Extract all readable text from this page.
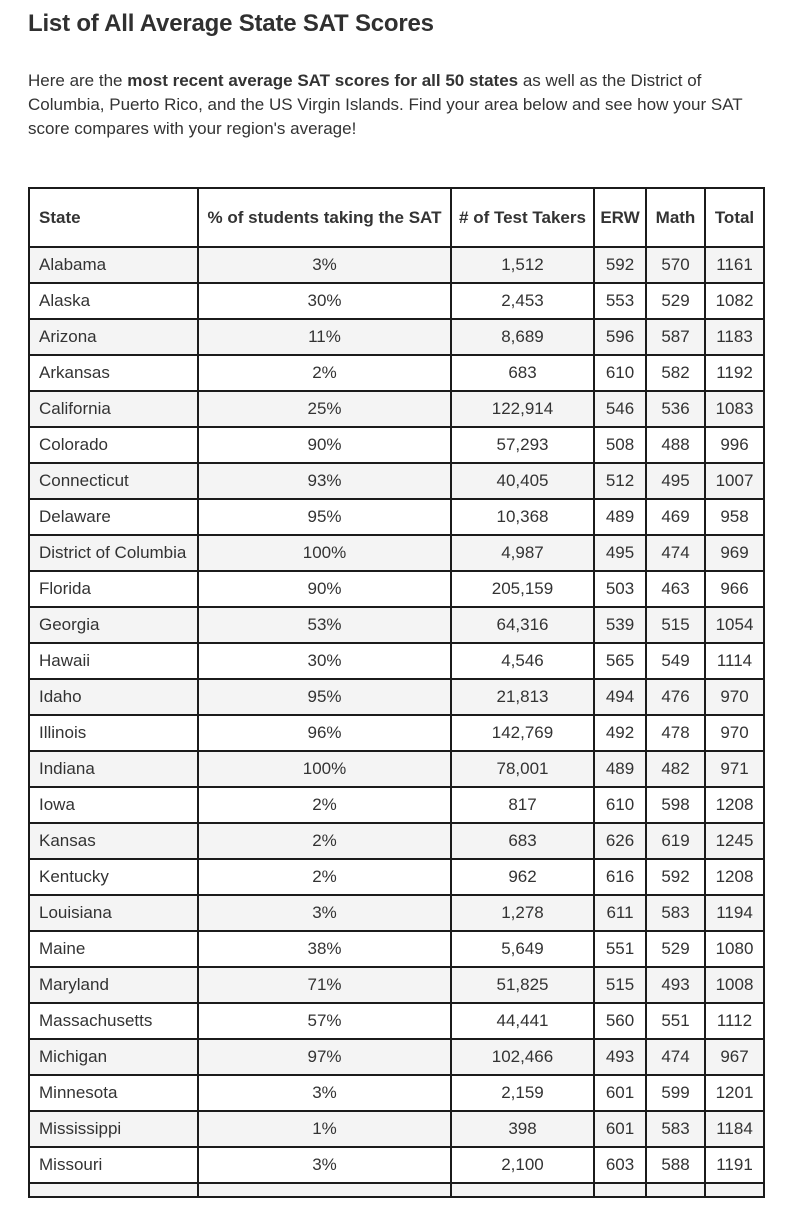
List of All Average State SAT Scores

Here are the most recent average SAT scores for all 50 states as well as the District of Columbia, Puerto Rico, and the US Virgin Islands. Find your area below and see how your SAT score compares with your region's average!

State	% of students taking the SAT	# of Test Takers	ERW	Math	Total
Alabama	3%	1,512	592	570	1161
Alaska	30%	2,453	553	529	1082
Arizona	11%	8,689	596	587	1183
Arkansas	2%	683	610	582	1192
California	25%	122,914	546	536	1083
Colorado	90%	57,293	508	488	996
Connecticut	93%	40,405	512	495	1007
Delaware	95%	10,368	489	469	958
District of Columbia	100%	4,987	495	474	969
Florida	90%	205,159	503	463	966
Georgia	53%	64,316	539	515	1054
Hawaii	30%	4,546	565	549	1114
Idaho	95%	21,813	494	476	970
Illinois	96%	142,769	492	478	970
Indiana	100%	78,001	489	482	971
Iowa	2%	817	610	598	1208
Kansas	2%	683	626	619	1245
Kentucky	2%	962	616	592	1208
Louisiana	3%	1,278	611	583	1194
Maine	38%	5,649	551	529	1080
Maryland	71%	51,825	515	493	1008
Massachusetts	57%	44,441	560	551	1112
Michigan	97%	102,466	493	474	967
Minnesota	3%	2,159	601	599	1201
Mississippi	1%	398	601	583	1184
Missouri	3%	2,100	603	588	1191
